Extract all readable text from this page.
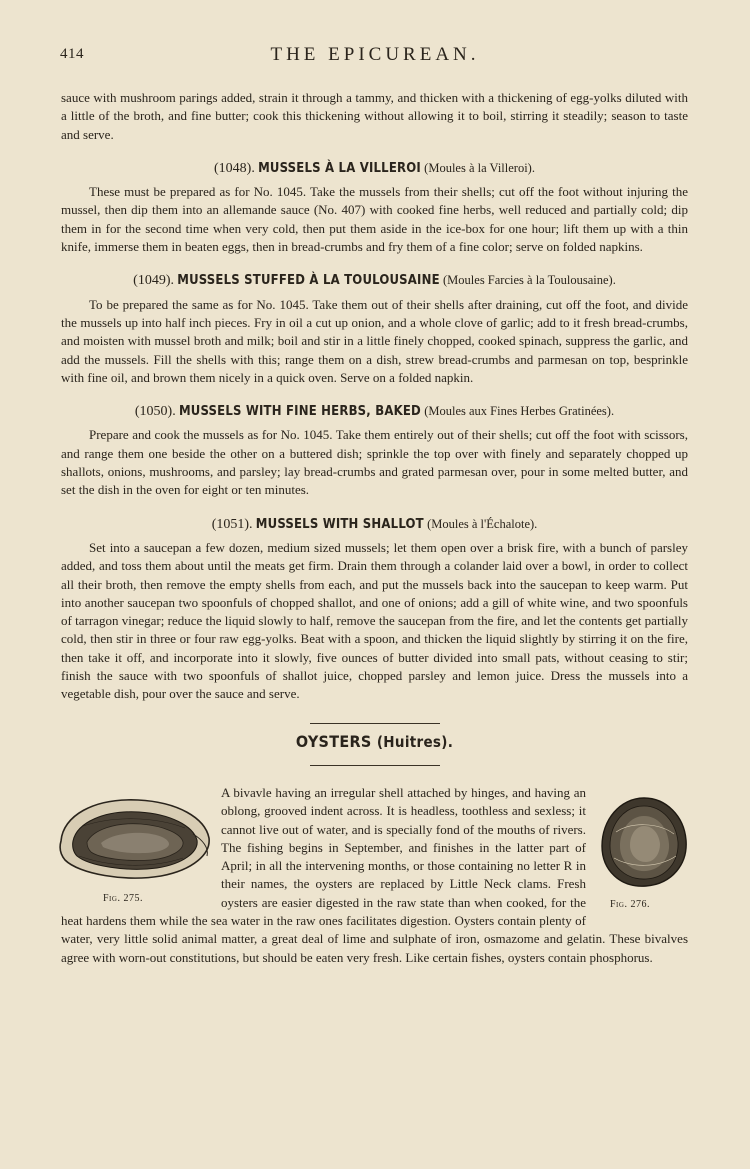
414	THE EPICUREAN.

sauce with mushroom parings added, strain it through a tammy, and thicken with a thickening of egg-yolks diluted with a little of the broth, and fine butter; cook this thickening without allowing it to boil, stirring it steadily; season to taste and serve.

(1048). MUSSELS À LA VILLEROI (Moules à la Villeroi).

These must be prepared as for No. 1045. Take the mussels from their shells; cut off the foot without injuring the mussel, then dip them into an allemande sauce (No. 407) with cooked fine herbs, well reduced and partially cold; dip them in for the second time when very cold, then put them aside in the ice-box for one hour; lift them up with a thin knife, immerse them in beaten eggs, then in bread-crumbs and fry them of a fine color; serve on folded napkins.

(1049). MUSSELS STUFFED À LA TOULOUSAINE (Moules Farcies à la Toulousaine).

To be prepared the same as for No. 1045. Take them out of their shells after draining, cut off the foot, and divide the mussels up into half inch pieces. Fry in oil a cut up onion, and a whole clove of garlic; add to it fresh bread-crumbs, and moisten with mussel broth and milk; boil and stir in a little finely chopped, cooked spinach, suppress the garlic, and add the mussels. Fill the shells with this; range them on a dish, strew bread-crumbs and parmesan on top, besprinkle with fine oil, and brown them nicely in a quick oven. Serve on a folded napkin.

(1050). MUSSELS WITH FINE HERBS, BAKED (Moules aux Fines Herbes Gratinées).

Prepare and cook the mussels as for No. 1045. Take them entirely out of their shells; cut off the foot with scissors, and range them one beside the other on a buttered dish; sprinkle the top over with finely and separately chopped up shallots, onions, mushrooms, and parsley; lay bread-crumbs and grated parmesan over, pour in some melted butter, and set the dish in the oven for eight or ten minutes.

(1051). MUSSELS WITH SHALLOT (Moules à l'Échalote).

Set into a saucepan a few dozen, medium sized mussels; let them open over a brisk fire, with a bunch of parsley added, and toss them about until the meats get firm. Drain them through a colander laid over a bowl, in order to collect all their broth, then remove the empty shells from each, and put the mussels back into the saucepan to keep warm. Put into another saucepan two spoonfuls of chopped shallot, and one of onions; add a gill of white wine, and two spoonfuls of tarragon vinegar; reduce the liquid slowly to half, remove the saucepan from the fire, and let the contents get partially cold, then stir in three or four raw egg-yolks. Beat with a spoon, and thicken the liquid slightly by stirring it on the fire, then take it off, and incorporate into it slowly, five ounces of butter divided into small pats, without ceasing to stir; finish the sauce with two spoonfuls of shallot juice, chopped parsley and lemon juice. Dress the mussels into a vegetable dish, pour over the sauce and serve.

OYSTERS (Huitres).
Fig. 275.
Fig. 276.

A bivavle having an irregular shell attached by hinges, and having an oblong, grooved indent across. It is headless, toothless and sexless; it cannot live out of water, and is specially fond of the mouths of rivers. The fishing begins in September, and finishes in the latter part of April; in all the intervening months, or those containing no letter R in their names, the oysters are replaced by Little Neck clams. Fresh oysters are easier digested in the raw state than when cooked, for the heat hardens them while the sea water in the raw ones facilitates digestion. Oysters contain plenty of water, very little solid animal matter, a great deal of lime and sulphate of iron, osmazome and gelatin. These bivalves agree with worn-out constitutions, but should be eaten very fresh. Like certain fishes, oysters contain phosphorus.
